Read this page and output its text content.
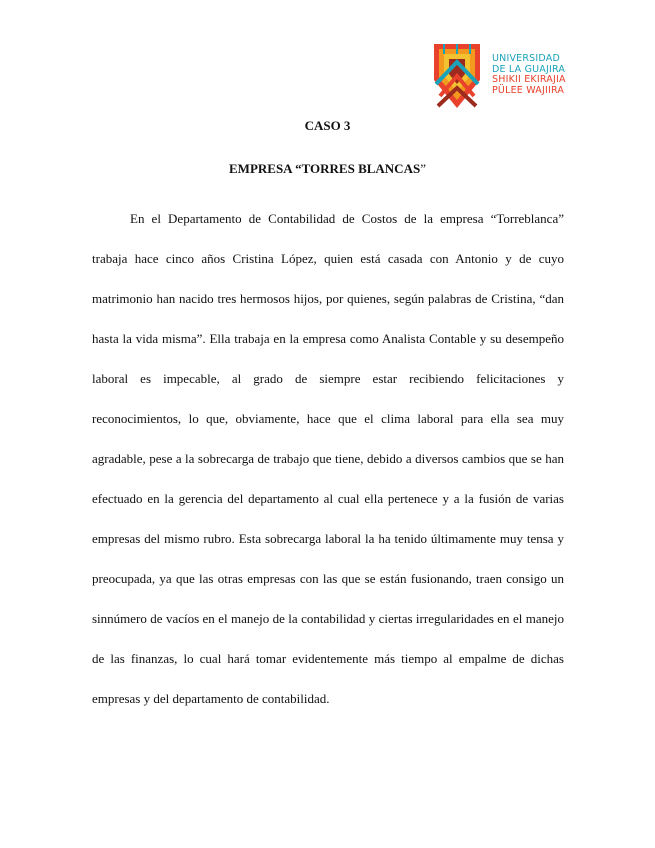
UNIVERSIDAD
DE LA GUAJIRA
SHIKII EKIRAJIA
PÜLEE WAJIIRA

CASO 3

EMPRESA “TORRES BLANCAS”

En el Departamento de Contabilidad de Costos de la empresa “Torreblanca” trabaja hace cinco años Cristina López, quien está casada con Antonio y de cuyo matrimonio han nacido tres hermosos hijos, por quienes, según palabras de Cristina, “dan hasta la vida misma”. Ella trabaja en la empresa como Analista Contable y su desempeño laboral es impecable, al grado de siempre estar recibiendo felicitaciones y reconocimientos, lo que, obviamente, hace que el clima laboral para ella sea muy agradable, pese a la sobrecarga de trabajo que tiene, debido a diversos cambios que se han efectuado en la gerencia del departamento al cual ella pertenece y a la fusión de varias empresas del mismo rubro. Esta sobrecarga laboral la ha tenido últimamente muy tensa y preocupada, ya que las otras empresas con las que se están fusionando, traen consigo un sinnúmero de vacíos en el manejo de la contabilidad y ciertas irregularidades en el manejo de las finanzas, lo cual hará tomar evidentemente más tiempo al empalme de dichas empresas y del departamento de contabilidad.
